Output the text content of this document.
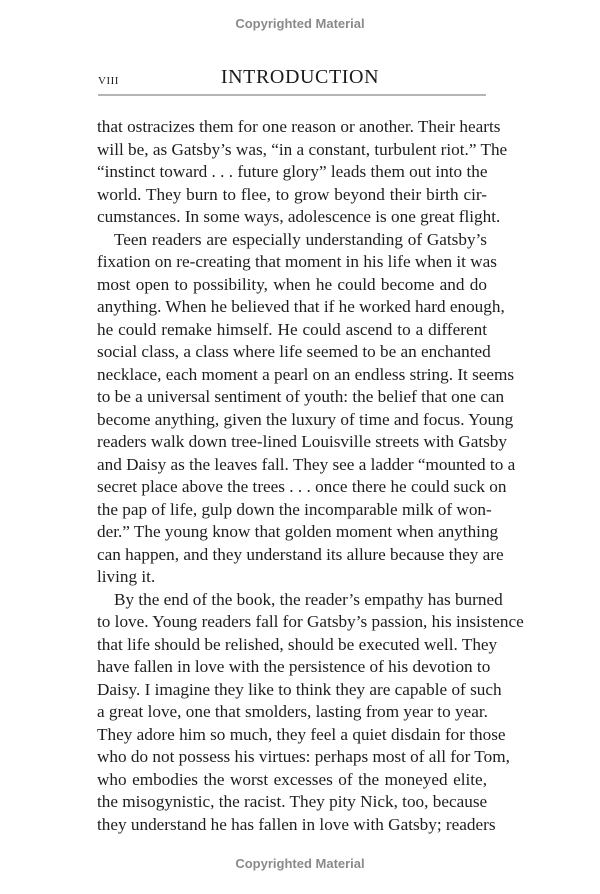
Copyrighted Material
viii	INTRODUCTION
that ostracizes them for one reason or another. Their hearts
will be, as Gatsby’s was, “in a constant, turbulent riot.” The
“instinct toward . . . future glory” leads them out into the
world. They burn to flee, to grow beyond their birth cir-
cumstances. In some ways, adolescence is one great flight.
Teen readers are especially understanding of Gatsby’s
fixation on re-creating that moment in his life when it was
most open to possibility, when he could become and do
anything. When he believed that if he worked hard enough,
he could remake himself. He could ascend to a different
social class, a class where life seemed to be an enchanted
necklace, each moment a pearl on an endless string. It seems
to be a universal sentiment of youth: the belief that one can
become anything, given the luxury of time and focus. Young
readers walk down tree-lined Louisville streets with Gatsby
and Daisy as the leaves fall. They see a ladder “mounted to a
secret place above the trees . . . once there he could suck on
the pap of life, gulp down the incomparable milk of won-
der.” The young know that golden moment when anything
can happen, and they understand its allure because they are
living it.
By the end of the book, the reader’s empathy has burned
to love. Young readers fall for Gatsby’s passion, his insistence
that life should be relished, should be executed well. They
have fallen in love with the persistence of his devotion to
Daisy. I imagine they like to think they are capable of such
a great love, one that smolders, lasting from year to year.
They adore him so much, they feel a quiet disdain for those
who do not possess his virtues: perhaps most of all for Tom,
who embodies the worst excesses of the moneyed elite,
the misogynistic, the racist. They pity Nick, too, because
they understand he has fallen in love with Gatsby; readers
Copyrighted Material
